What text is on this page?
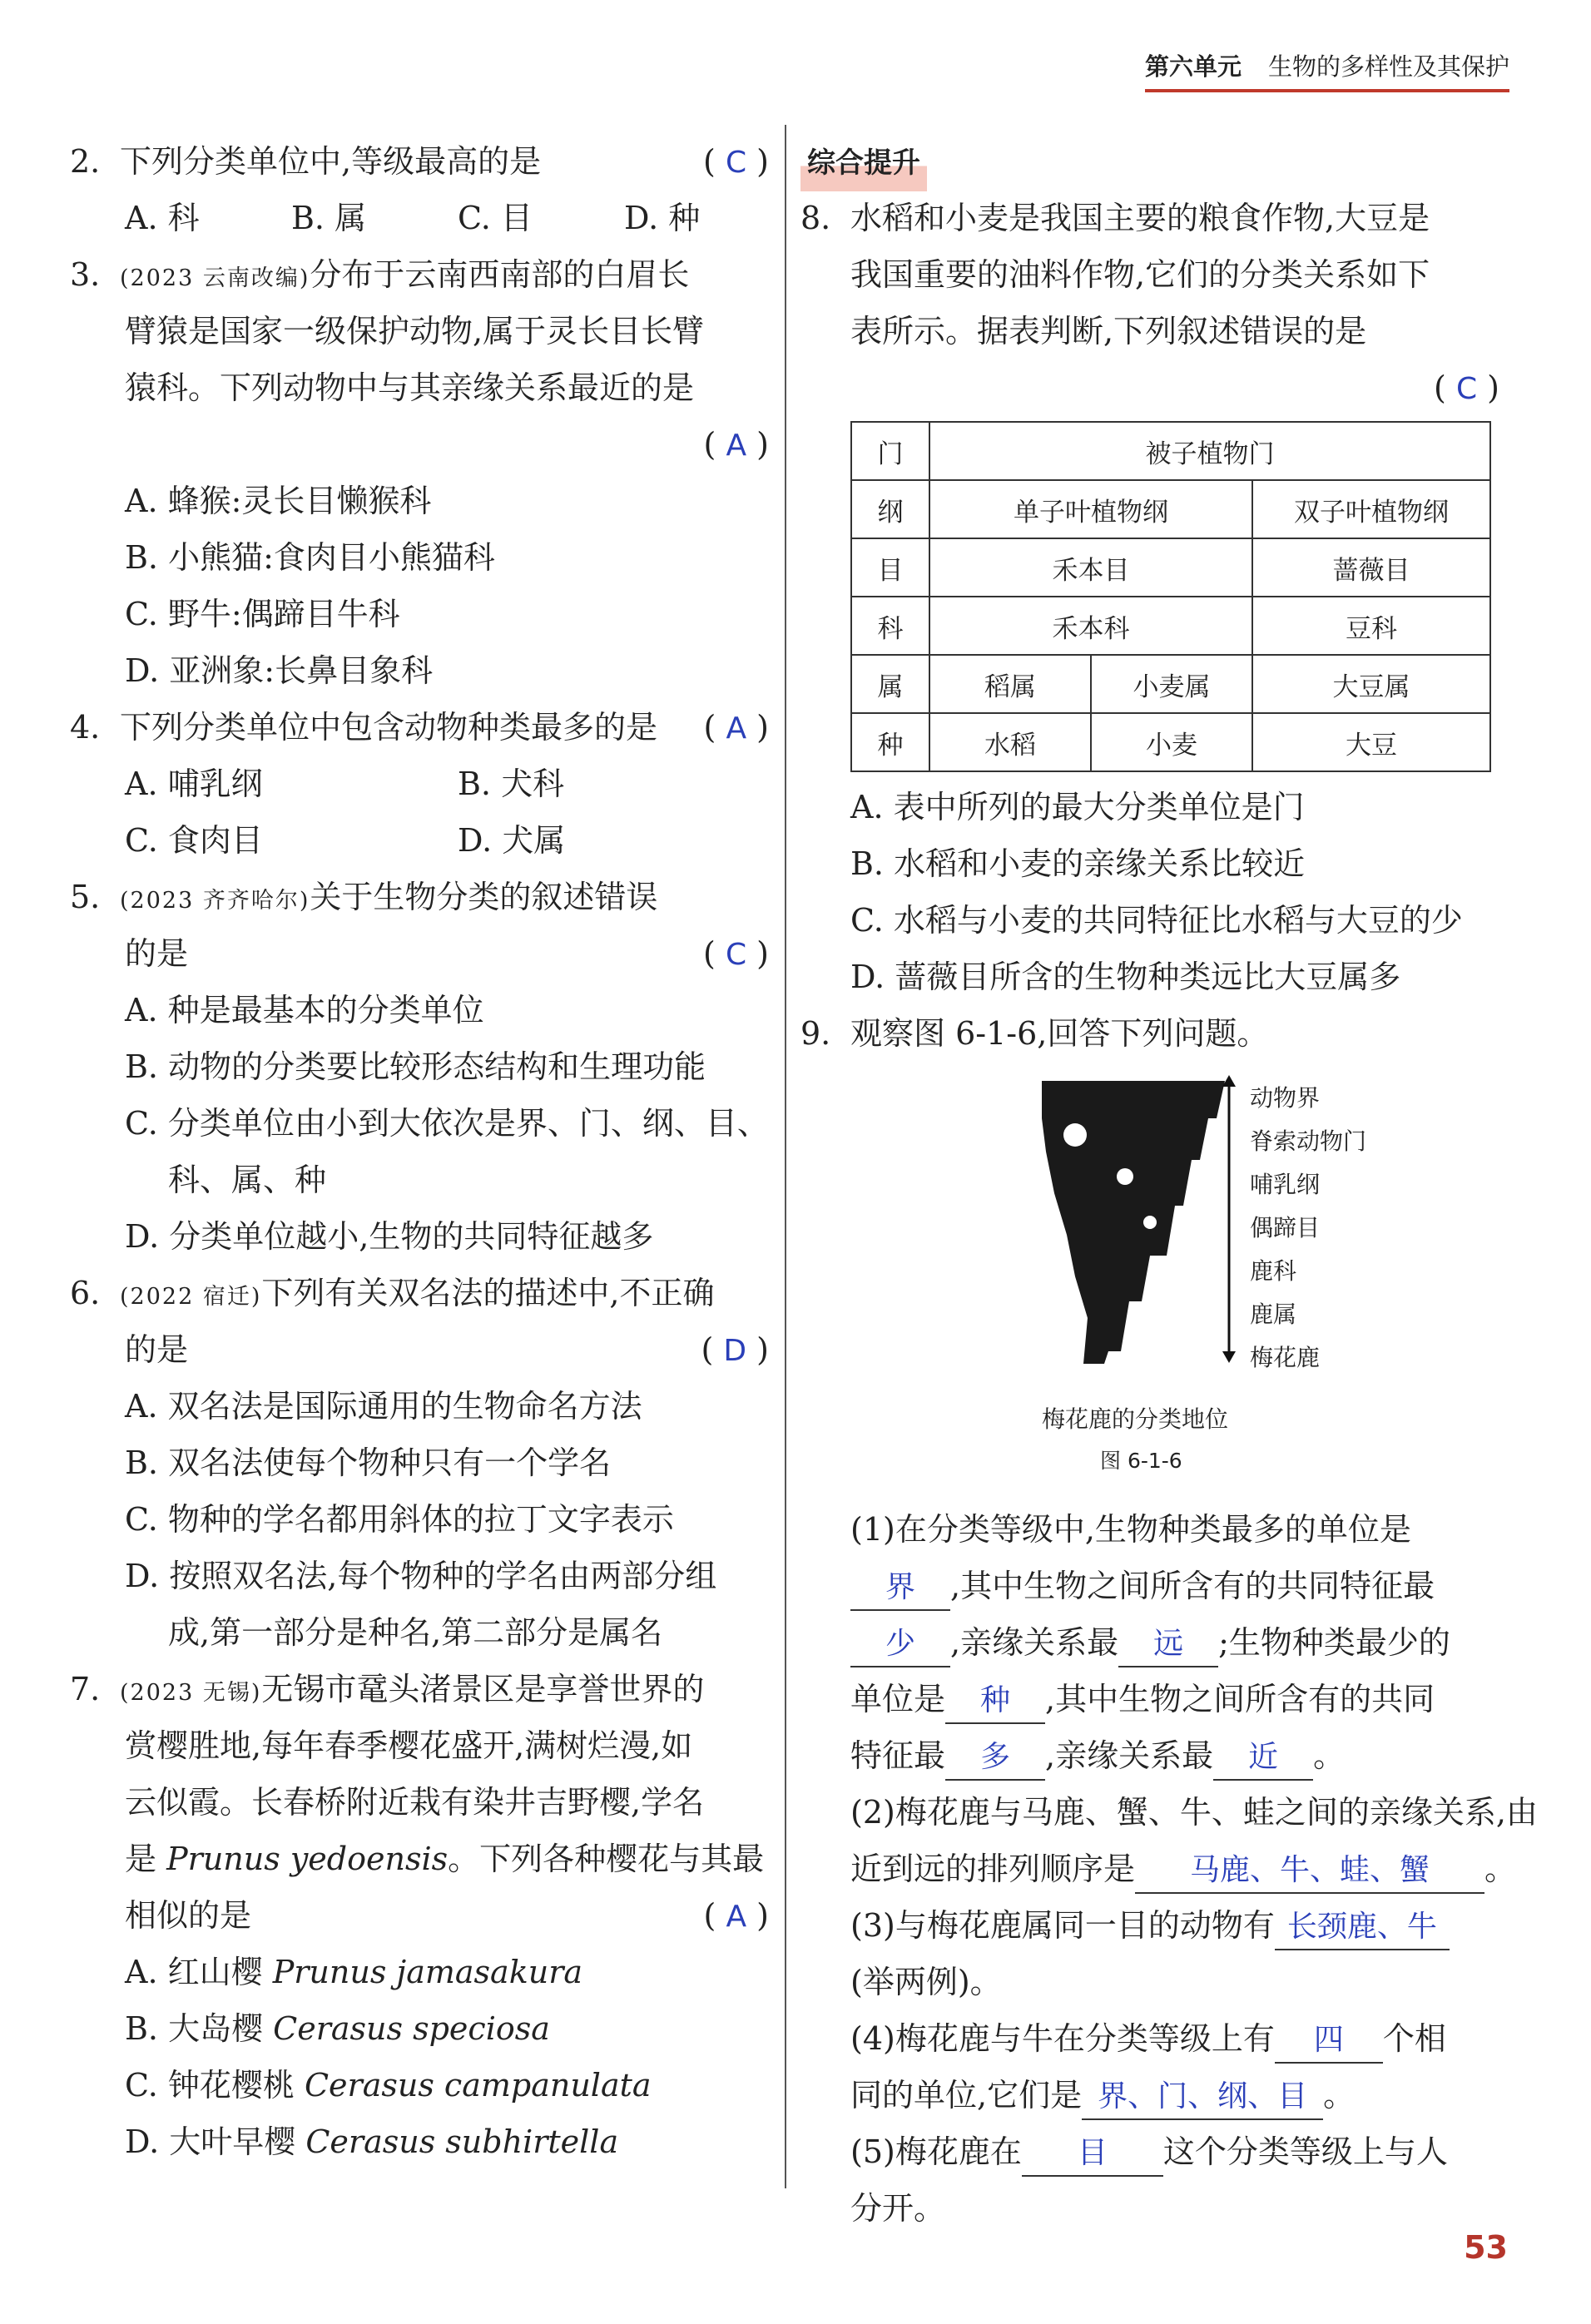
第六单元 生物的多样性及其保护
2. 下列分类单位中,等级最高的是	( C )
A. 科	B. 属	C. 目	D. 种
3. (2023 云南改编)分布于云南西南部的白眉长
臂猿是国家一级保护动物,属于灵长目长臂
猿科。下列动物中与其亲缘关系最近的是
( A )
A. 蜂猴:灵长目懒猴科
B. 小熊猫:食肉目小熊猫科
C. 野牛:偶蹄目牛科
D. 亚洲象:长鼻目象科
4. 下列分类单位中包含动物种类最多的是 ( A )
A. 哺乳纲	B. 犬科
C. 食肉目	D. 犬属
5. (2023 齐齐哈尔)关于生物分类的叙述错误
的是	( C )
A. 种是最基本的分类单位
B. 动物的分类要比较形态结构和生理功能
C. 分类单位由小到大依次是界、门、纲、目、
科、属、种
D. 分类单位越小,生物的共同特征越多
6. (2022 宿迁)下列有关双名法的描述中,不正确
的是	( D )
A. 双名法是国际通用的生物命名方法
B. 双名法使每个物种只有一个学名
C. 物种的学名都用斜体的拉丁文字表示
D. 按照双名法,每个物种的学名由两部分组
成,第一部分是种名,第二部分是属名
7. (2023 无锡)无锡市鼋头渚景区是享誉世界的
赏樱胜地,每年春季樱花盛开,满树烂漫,如
云似霞。长春桥附近栽有染井吉野樱,学名
是 Prunus yedoensis。下列各种樱花与其最
相似的是	( A )
A. 红山樱 Prunus jamasakura
B. 大岛樱 Cerasus speciosa
C. 钟花樱桃 Cerasus campanulata
D. 大叶早樱 Cerasus subhirtella
综合提升
8. 水稻和小麦是我国主要的粮食作物,大豆是
我国重要的油料作物,它们的分类关系如下
表所示。据表判断,下列叙述错误的是
( C )
门	被子植物门		
纲	单子叶植物纲		双子叶植物纲
目	禾本目		蔷薇目
科	禾本科		豆科
属	稻属	小麦属	大豆属
种	水稻	小麦	大豆
A. 表中所列的最大分类单位是门
B. 水稻和小麦的亲缘关系比较近
C. 水稻与小麦的共同特征比水稻与大豆的少
D. 蔷薇目所含的生物种类远比大豆属多
9. 观察图 6-1-6,回答下列问题。
动物界
脊索动物门
哺乳纲
偶蹄目
鹿科
鹿属
梅花鹿
梅花鹿的分类地位
图 6-1-6
(1)在分类等级中,生物种类最多的单位是
界 ,其中生物之间所含有的共同特征最
少 ,亲缘关系最 远 ;生物种类最少的
单位是 种 ,其中生物之间所含有的共同
特征最 多 ,亲缘关系最 近 。
(2)梅花鹿与马鹿、蟹、牛、蛙之间的亲缘关系,由
近到远的排列顺序是 马鹿、牛、蛙、蟹 。
(3)与梅花鹿属同一目的动物有 长颈鹿、牛
(举两例)。
(4)梅花鹿与牛在分类等级上有 四 个相
同的单位,它们是 界、门、纲、目 。
(5)梅花鹿在 目 这个分类等级上与人
分开。
53
